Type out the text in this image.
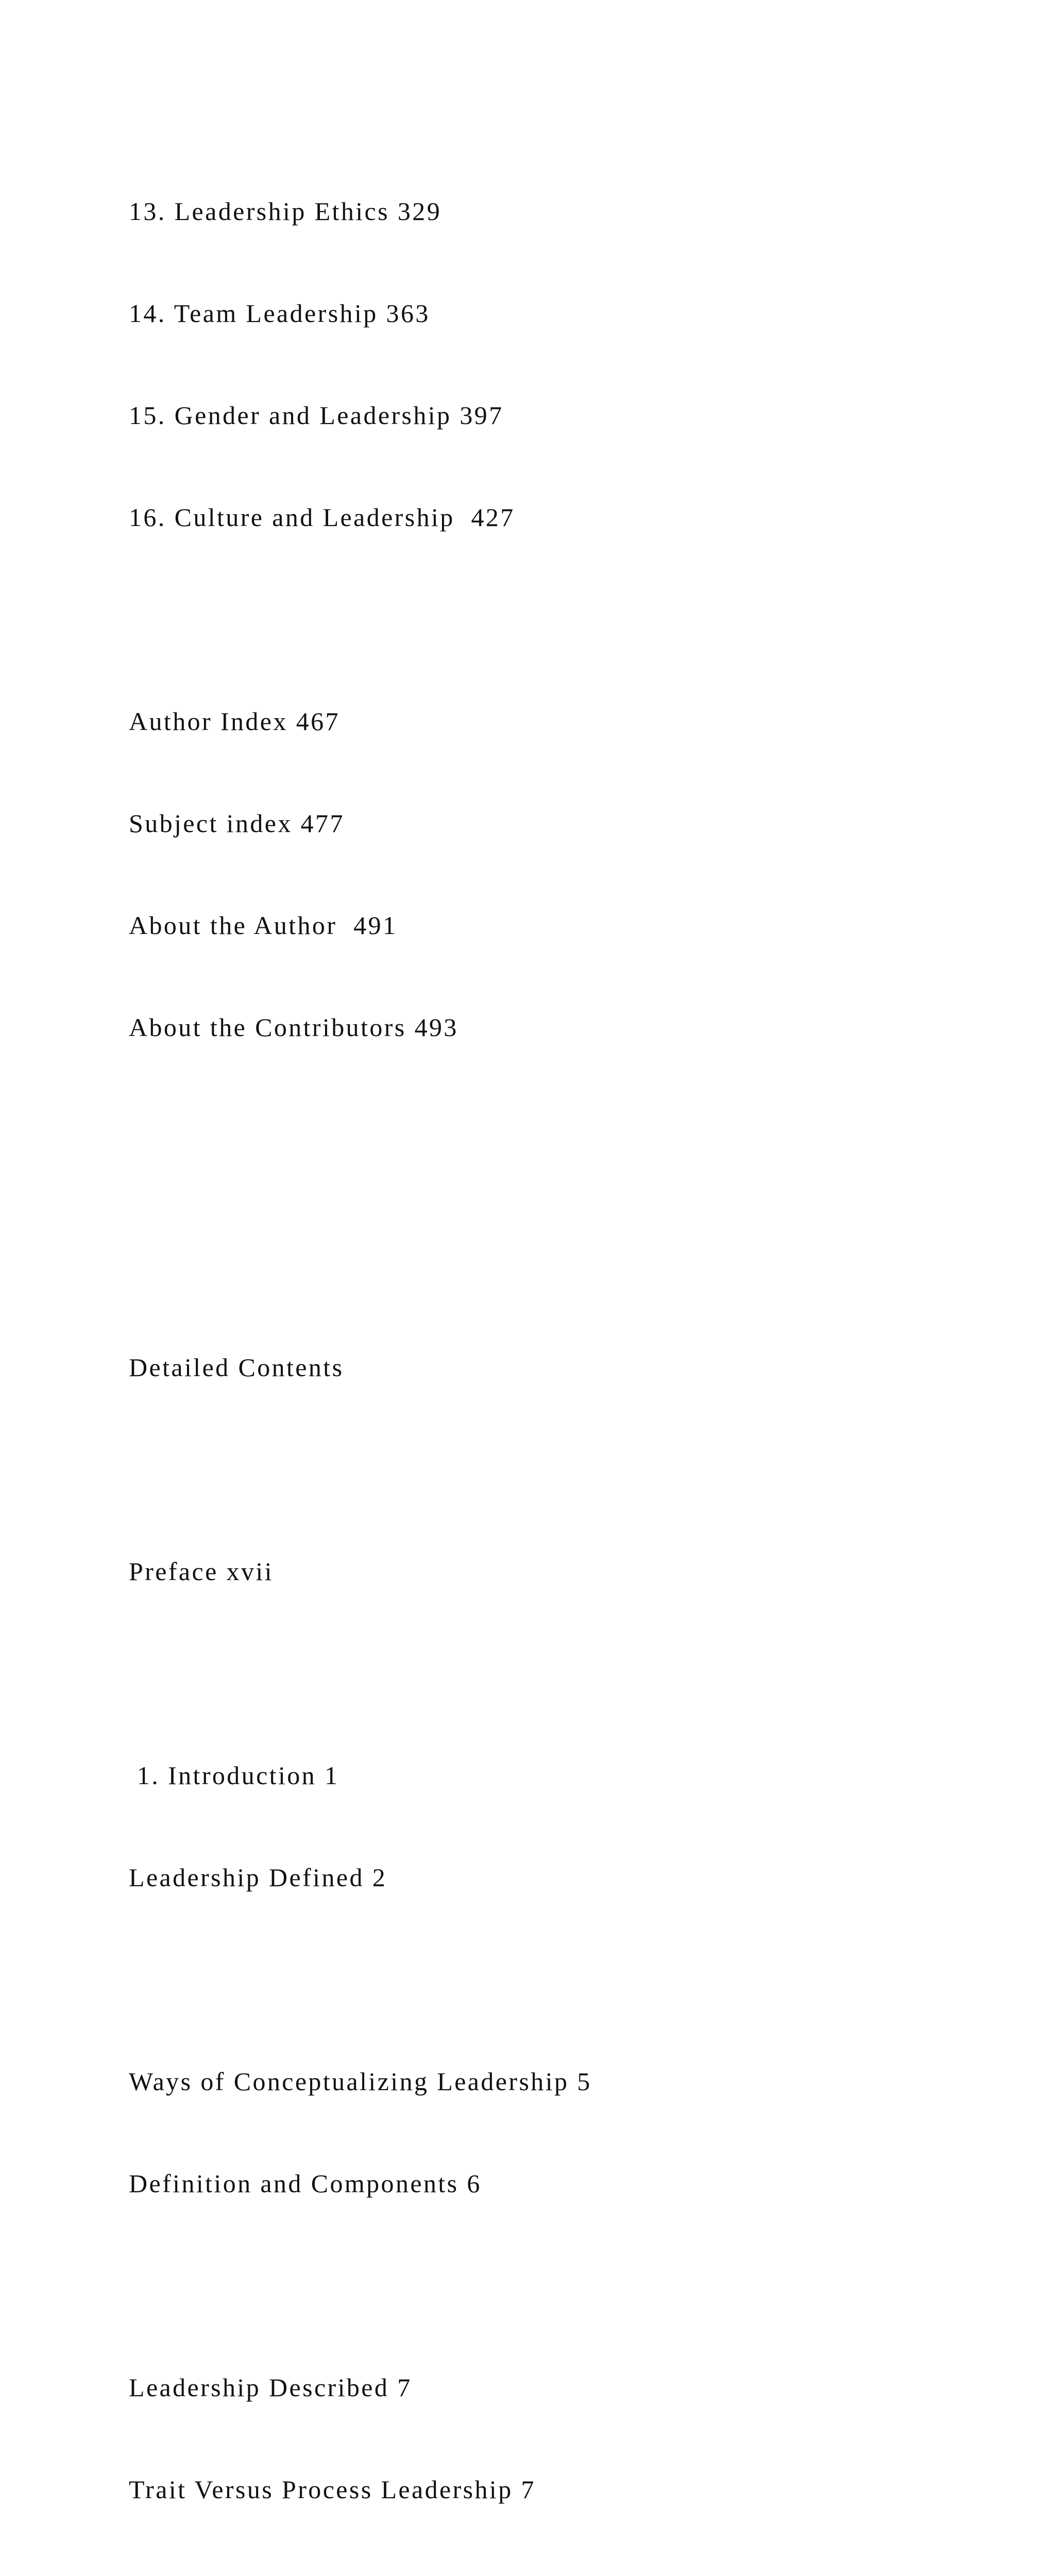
13. Leadership Ethics 329

14. Team Leadership 363

15. Gender and Leadership 397

16. Culture and Leadership  427

Author Index 467

Subject index 477

About the Author  491

About the Contributors 493

Detailed Contents

Preface xvii

1. Introduction 1

Leadership Defined 2

Ways of Conceptualizing Leadership 5

Definition and Components 6

Leadership Described 7

Trait Versus Process Leadership 7
